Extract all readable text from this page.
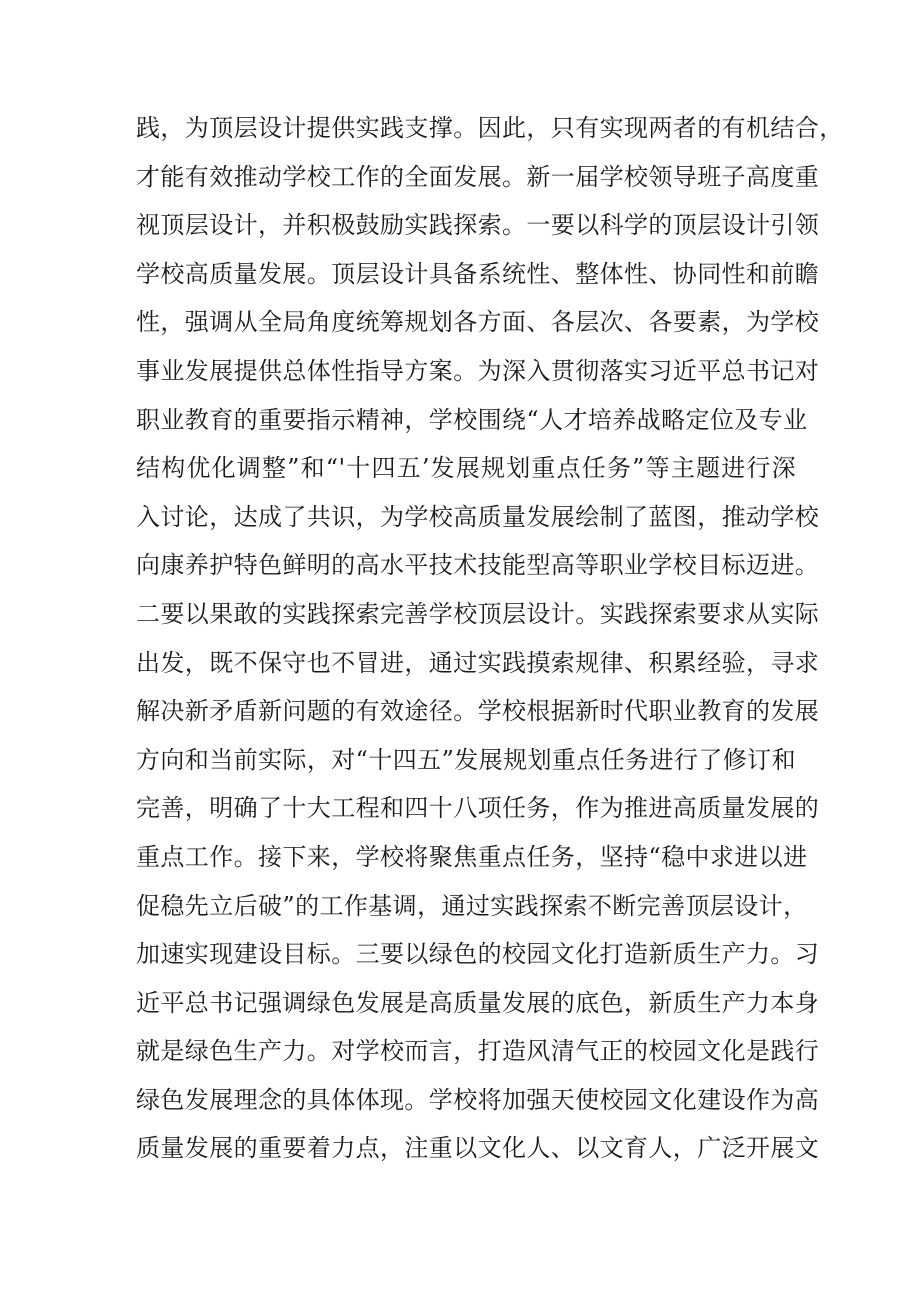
践，为顶层设计提供实践支撑。因此，只有实现两者的有机结合，
才能有效推动学校工作的全面发展。新一届学校领导班子高度重
视顶层设计，并积极鼓励实践探索。一要以科学的顶层设计引领
学校高质量发展。顶层设计具备系统性、整体性、协同性和前瞻
性，强调从全局角度统筹规划各方面、各层次、各要素，为学校
事业发展提供总体性指导方案。为深入贯彻落实习近平总书记对
职业教育的重要指示精神，学校围绕“人才培养战略定位及专业
结构优化调整”和“'十四五’发展规划重点任务”等主题进行深
入讨论，达成了共识，为学校高质量发展绘制了蓝图，推动学校
向康养护特色鲜明的高水平技术技能型高等职业学校目标迈进。
二要以果敢的实践探索完善学校顶层设计。实践探索要求从实际
出发，既不保守也不冒进，通过实践摸索规律、积累经验，寻求
解决新矛盾新问题的有效途径。学校根据新时代职业教育的发展
方向和当前实际，对“十四五”发展规划重点任务进行了修订和
完善，明确了十大工程和四十八项任务，作为推进高质量发展的
重点工作。接下来，学校将聚焦重点任务，坚持“稳中求进以进
促稳先立后破”的工作基调，通过实践探索不断完善顶层设计，
加速实现建设目标。三要以绿色的校园文化打造新质生产力。习
近平总书记强调绿色发展是高质量发展的底色，新质生产力本身
就是绿色生产力。对学校而言，打造风清气正的校园文化是践行
绿色发展理念的具体体现。学校将加强天使校园文化建设作为高
质量发展的重要着力点，注重以文化人、以文育人，广泛开展文
